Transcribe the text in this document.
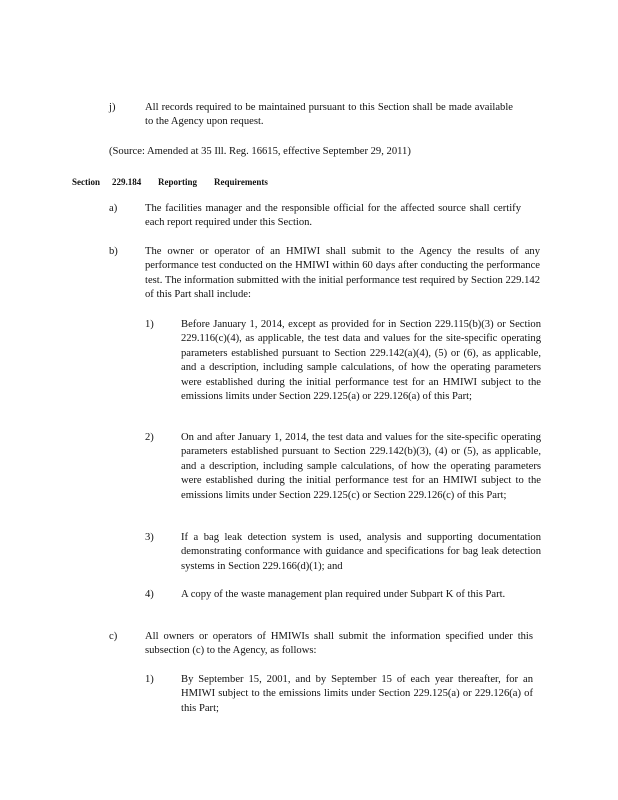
j)	All records required to be maintained pursuant to this Section shall be made available to the Agency upon request.

(Source: Amended at 35 Ill. Reg. 16615, effective September 29, 2011)

Section 229.184 Reporting Requirements

a)	The facilities manager and the responsible official for the affected source shall certify each report required under this Section.

b)	The owner or operator of an HMIWI shall submit to the Agency the results of any performance test conducted on the HMIWI within 60 days after conducting the performance test. The information submitted with the initial performance test required by Section 229.142 of this Part shall include:

1)	Before January 1, 2014, except as provided for in Section 229.115(b)(3) or Section 229.116(c)(4), as applicable, the test data and values for the site-specific operating parameters established pursuant to Section 229.142(a)(4), (5) or (6), as applicable, and a description, including sample calculations, of how the operating parameters were established during the initial performance test for an HMIWI subject to the emissions limits under Section 229.125(a) or 229.126(a) of this Part;

2)	On and after January 1, 2014, the test data and values for the site-specific operating parameters established pursuant to Section 229.142(b)(3), (4) or (5), as applicable, and a description, including sample calculations, of how the operating parameters were established during the initial performance test for an HMIWI subject to the emissions limits under Section 229.125(c) or Section 229.126(c) of this Part;

3)	If a bag leak detection system is used, analysis and supporting documentation demonstrating conformance with guidance and specifications for bag leak detection systems in Section 229.166(d)(1); and

4)	A copy of the waste management plan required under Subpart K of this Part.

c)	All owners or operators of HMIWIs shall submit the information specified under this subsection (c) to the Agency, as follows:

1)	By September 15, 2001, and by September 15 of each year thereafter, for an HMIWI subject to the emissions limits under Section 229.125(a) or 229.126(a) of this Part;
